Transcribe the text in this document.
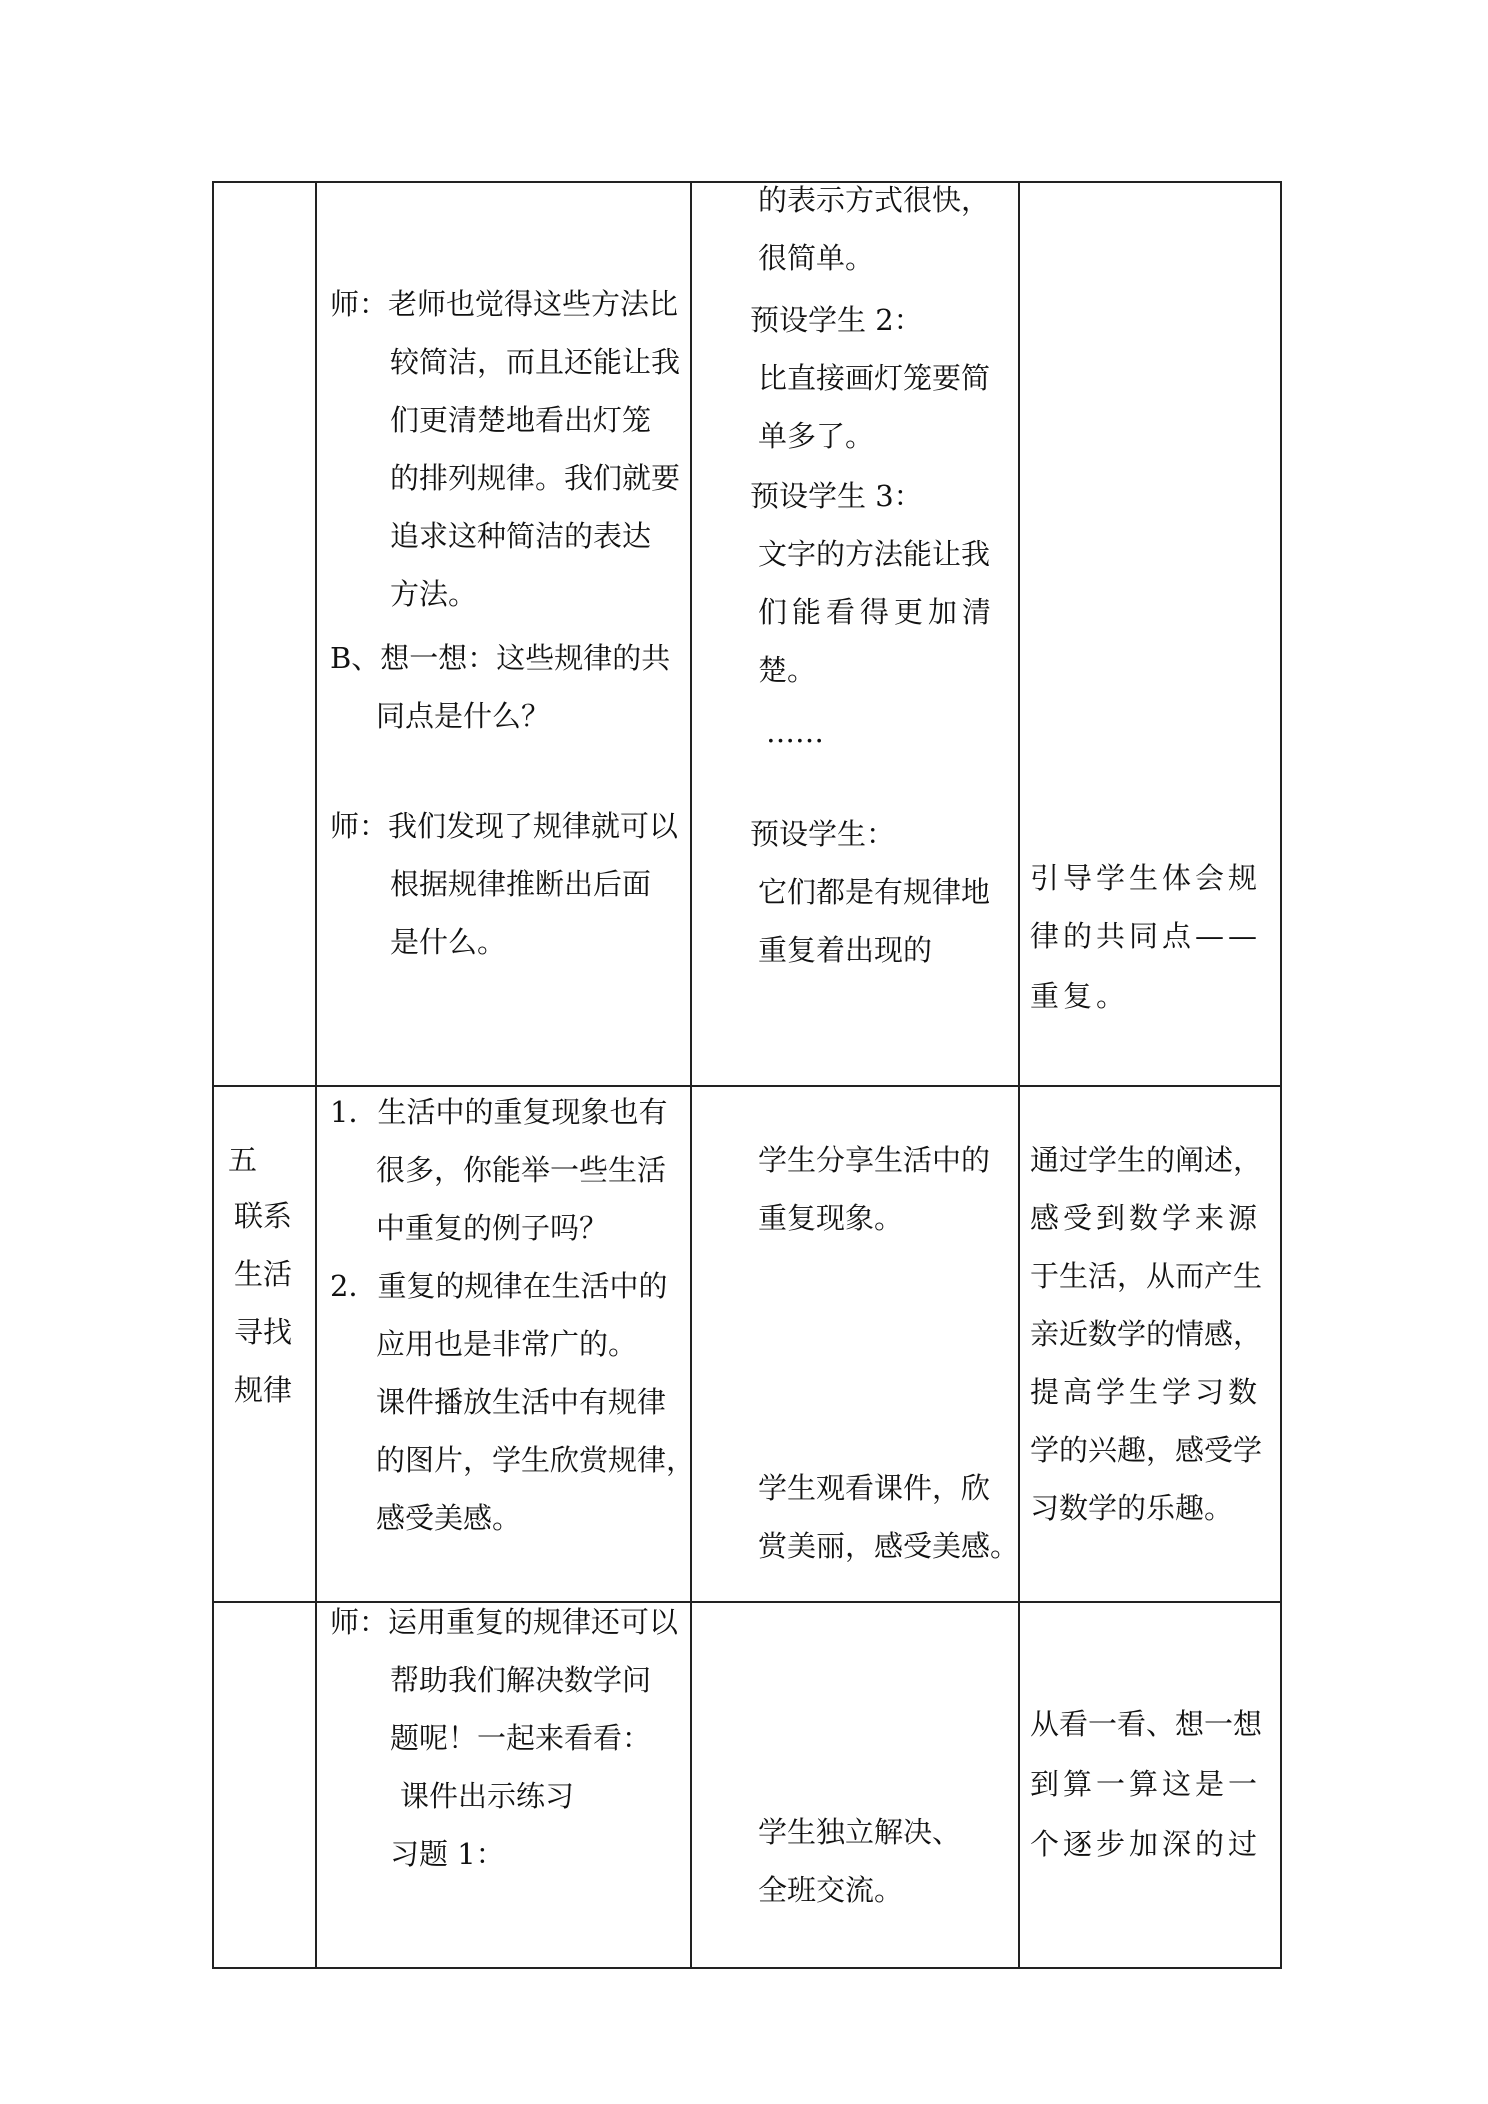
师：老师也觉得这些方法比
较简洁，而且还能让我
们更清楚地看出灯笼
的排列规律。我们就要
追求这种简洁的表达
方法。
B、想一想：这些规律的共
同点是什么？
师：我们发现了规律就可以
根据规律推断出后面
是什么。
的表示方式很快，
很简单。
预设学生 2：
比直接画灯笼要简
单多了。
预设学生 3：
文字的方法能让我
们能看得更加清
楚。
……
预设学生：
它们都是有规律地
重复着出现的
引导学生体会规
律的共同点——
重复。
五
联系
生活
寻找
规律
1．生活中的重复现象也有
很多，你能举一些生活
中重复的例子吗？
2．重复的规律在生活中的
应用也是非常广的。
课件播放生活中有规律
的图片，学生欣赏规律，
感受美感。
学生分享生活中的
重复现象。
学生观看课件，欣
赏美丽，感受美感。
通过学生的阐述，
感受到数学来源
于生活，从而产生
亲近数学的情感，
提高学生学习数
学的兴趣，感受学
习数学的乐趣。
师：运用重复的规律还可以
帮助我们解决数学问
题呢！一起来看看：
课件出示练习
习题 1：
学生独立解决、
全班交流。
从看一看、想一想
到算一算这是一
个逐步加深的过
